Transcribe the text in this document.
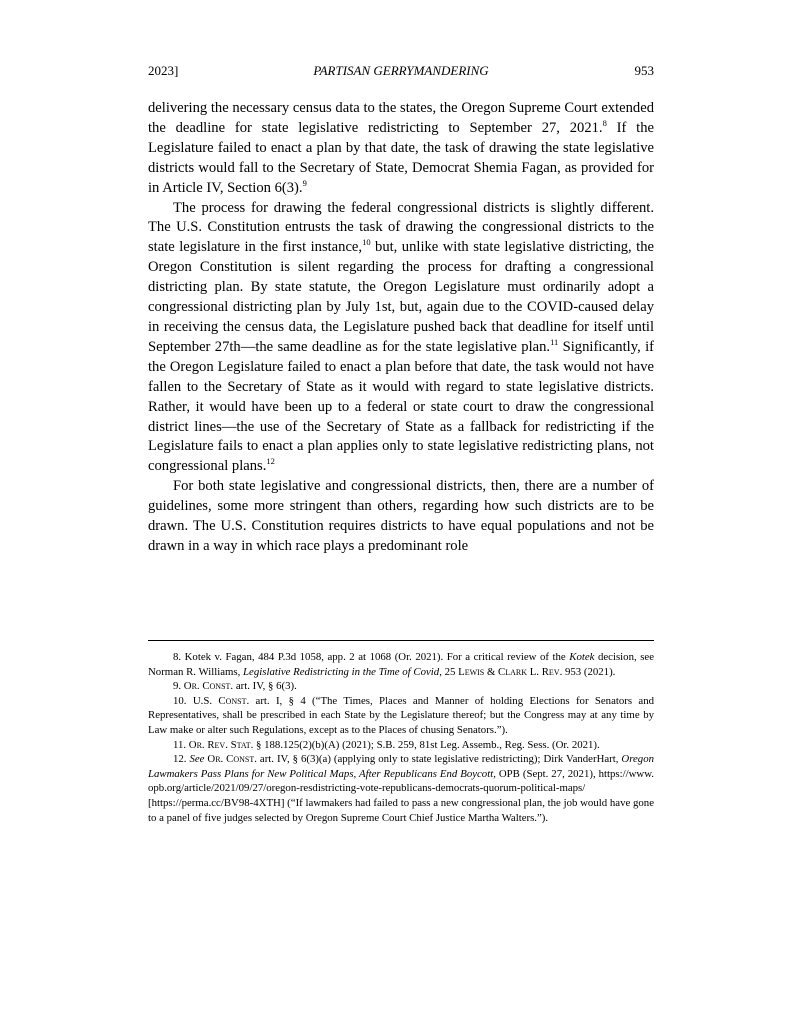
2023]	PARTISAN GERRYMANDERING	953

delivering the necessary census data to the states, the Oregon Supreme Court extended the deadline for state legislative redistricting to September 27, 2021.$^8$ If the Legislature failed to enact a plan by that date, the task of drawing the state legislative districts would fall to the Secretary of State, Democrat Shemia Fagan, as provided for in Article IV, Section 6(3).$^9$

The process for drawing the federal congressional districts is slightly different. The U.S. Constitution entrusts the task of drawing the congressional districts to the state legislature in the first instance,$^{10}$ but, unlike with state legislative districting, the Oregon Constitution is silent regarding the process for drafting a congressional districting plan. By state statute, the Oregon Legislature must ordinarily adopt a congressional districting plan by July 1st, but, again due to the COVID-caused delay in receiving the census data, the Legislature pushed back that deadline for itself until September 27th—the same deadline as for the state legislative plan.$^{11}$ Significantly, if the Oregon Legislature failed to enact a plan before that date, the task would not have fallen to the Secretary of State as it would with regard to state legislative districts. Rather, it would have been up to a federal or state court to draw the congressional district lines—the use of the Secretary of State as a fallback for redistricting if the Legislature fails to enact a plan applies only to state legislative redistricting plans, not congressional plans.$^{12}$

For both state legislative and congressional districts, then, there are a number of guidelines, some more stringent than others, regarding how such districts are to be drawn. The U.S. Constitution requires districts to have equal populations and not be drawn in a way in which race plays a predominant role

8. Kotek v. Fagan, 484 P.3d 1058, app. 2 at 1068 (Or. 2021). For a critical review of the Kotek decision, see Norman R. Williams, Legislative Redistricting in the Time of Covid, 25 Lewis & Clark L. Rev. 953 (2021).

9. Or. Const. art. IV, § 6(3).

10. U.S. Const. art. I, § 4 (“The Times, Places and Manner of holding Elections for Senators and Representatives, shall be prescribed in each State by the Legislature thereof; but the Congress may at any time by Law make or alter such Regulations, except as to the Places of chusing Senators.”).

11. Or. Rev. Stat. § 188.125(2)(b)(A) (2021); S.B. 259, 81st Leg. Assemb., Reg. Sess. (Or. 2021).

12. See Or. Const. art. IV, § 6(3)(a) (applying only to state legislative redistricting); Dirk VanderHart, Oregon Lawmakers Pass Plans for New Political Maps, After Republicans End Boycott, OPB (Sept. 27, 2021), https://www.opb.org/article/2021/09/27/oregon-resdistricting-vote-republicans-democrats-quorum-political-maps/ [https://perma.cc/BV98-4XTH] (“If lawmakers had failed to pass a new congressional plan, the job would have gone to a panel of five judges selected by Oregon Supreme Court Chief Justice Martha Walters.”).
